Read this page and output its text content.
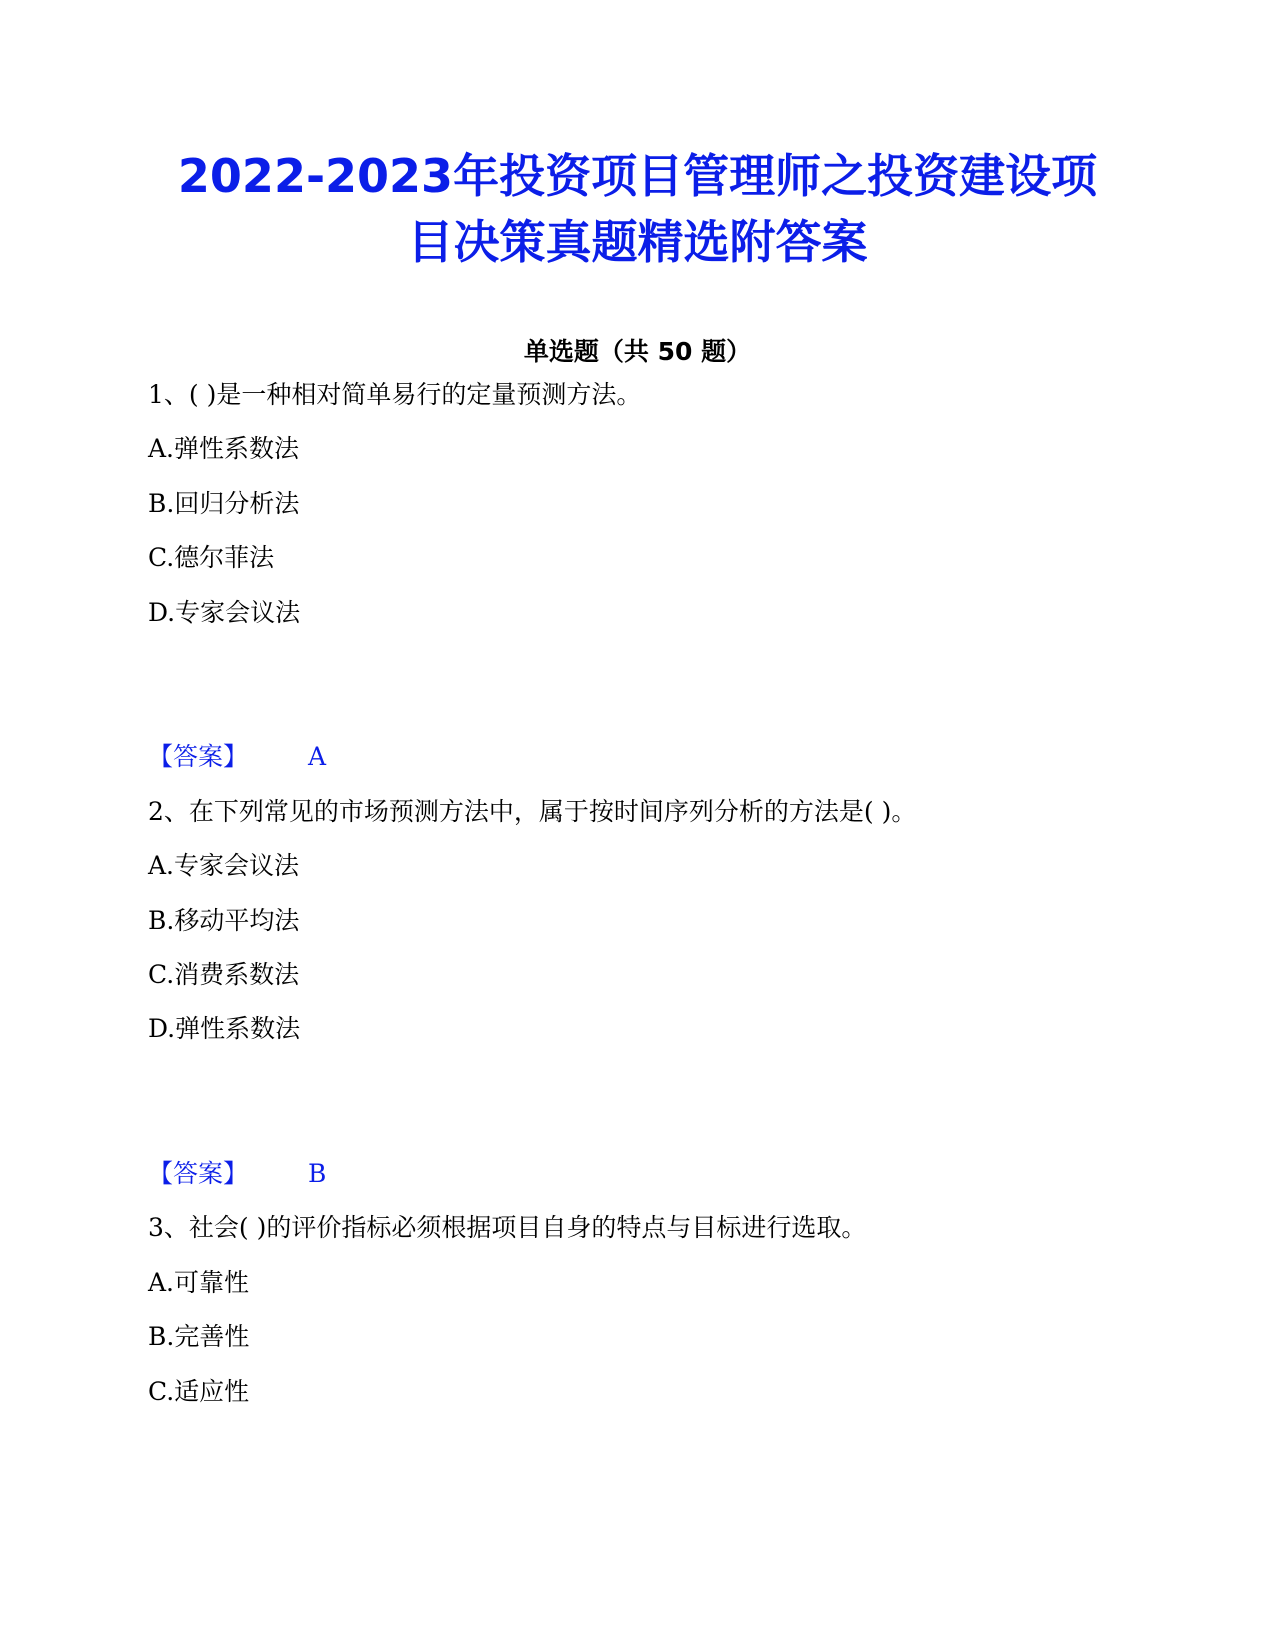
2022-2023年投资项目管理师之投资建设项
目决策真题精选附答案
单选题（共 50 题）
1、( )是一种相对简单易行的定量预测方法。
A.弹性系数法
B.回归分析法
C.德尔菲法
D.专家会议法
【答案】 A
2、在下列常见的市场预测方法中，属于按时间序列分析的方法是( )。
A.专家会议法
B.移动平均法
C.消费系数法
D.弹性系数法
【答案】 B
3、社会( )的评价指标必须根据项目自身的特点与目标进行选取。
A.可靠性
B.完善性
C.适应性
